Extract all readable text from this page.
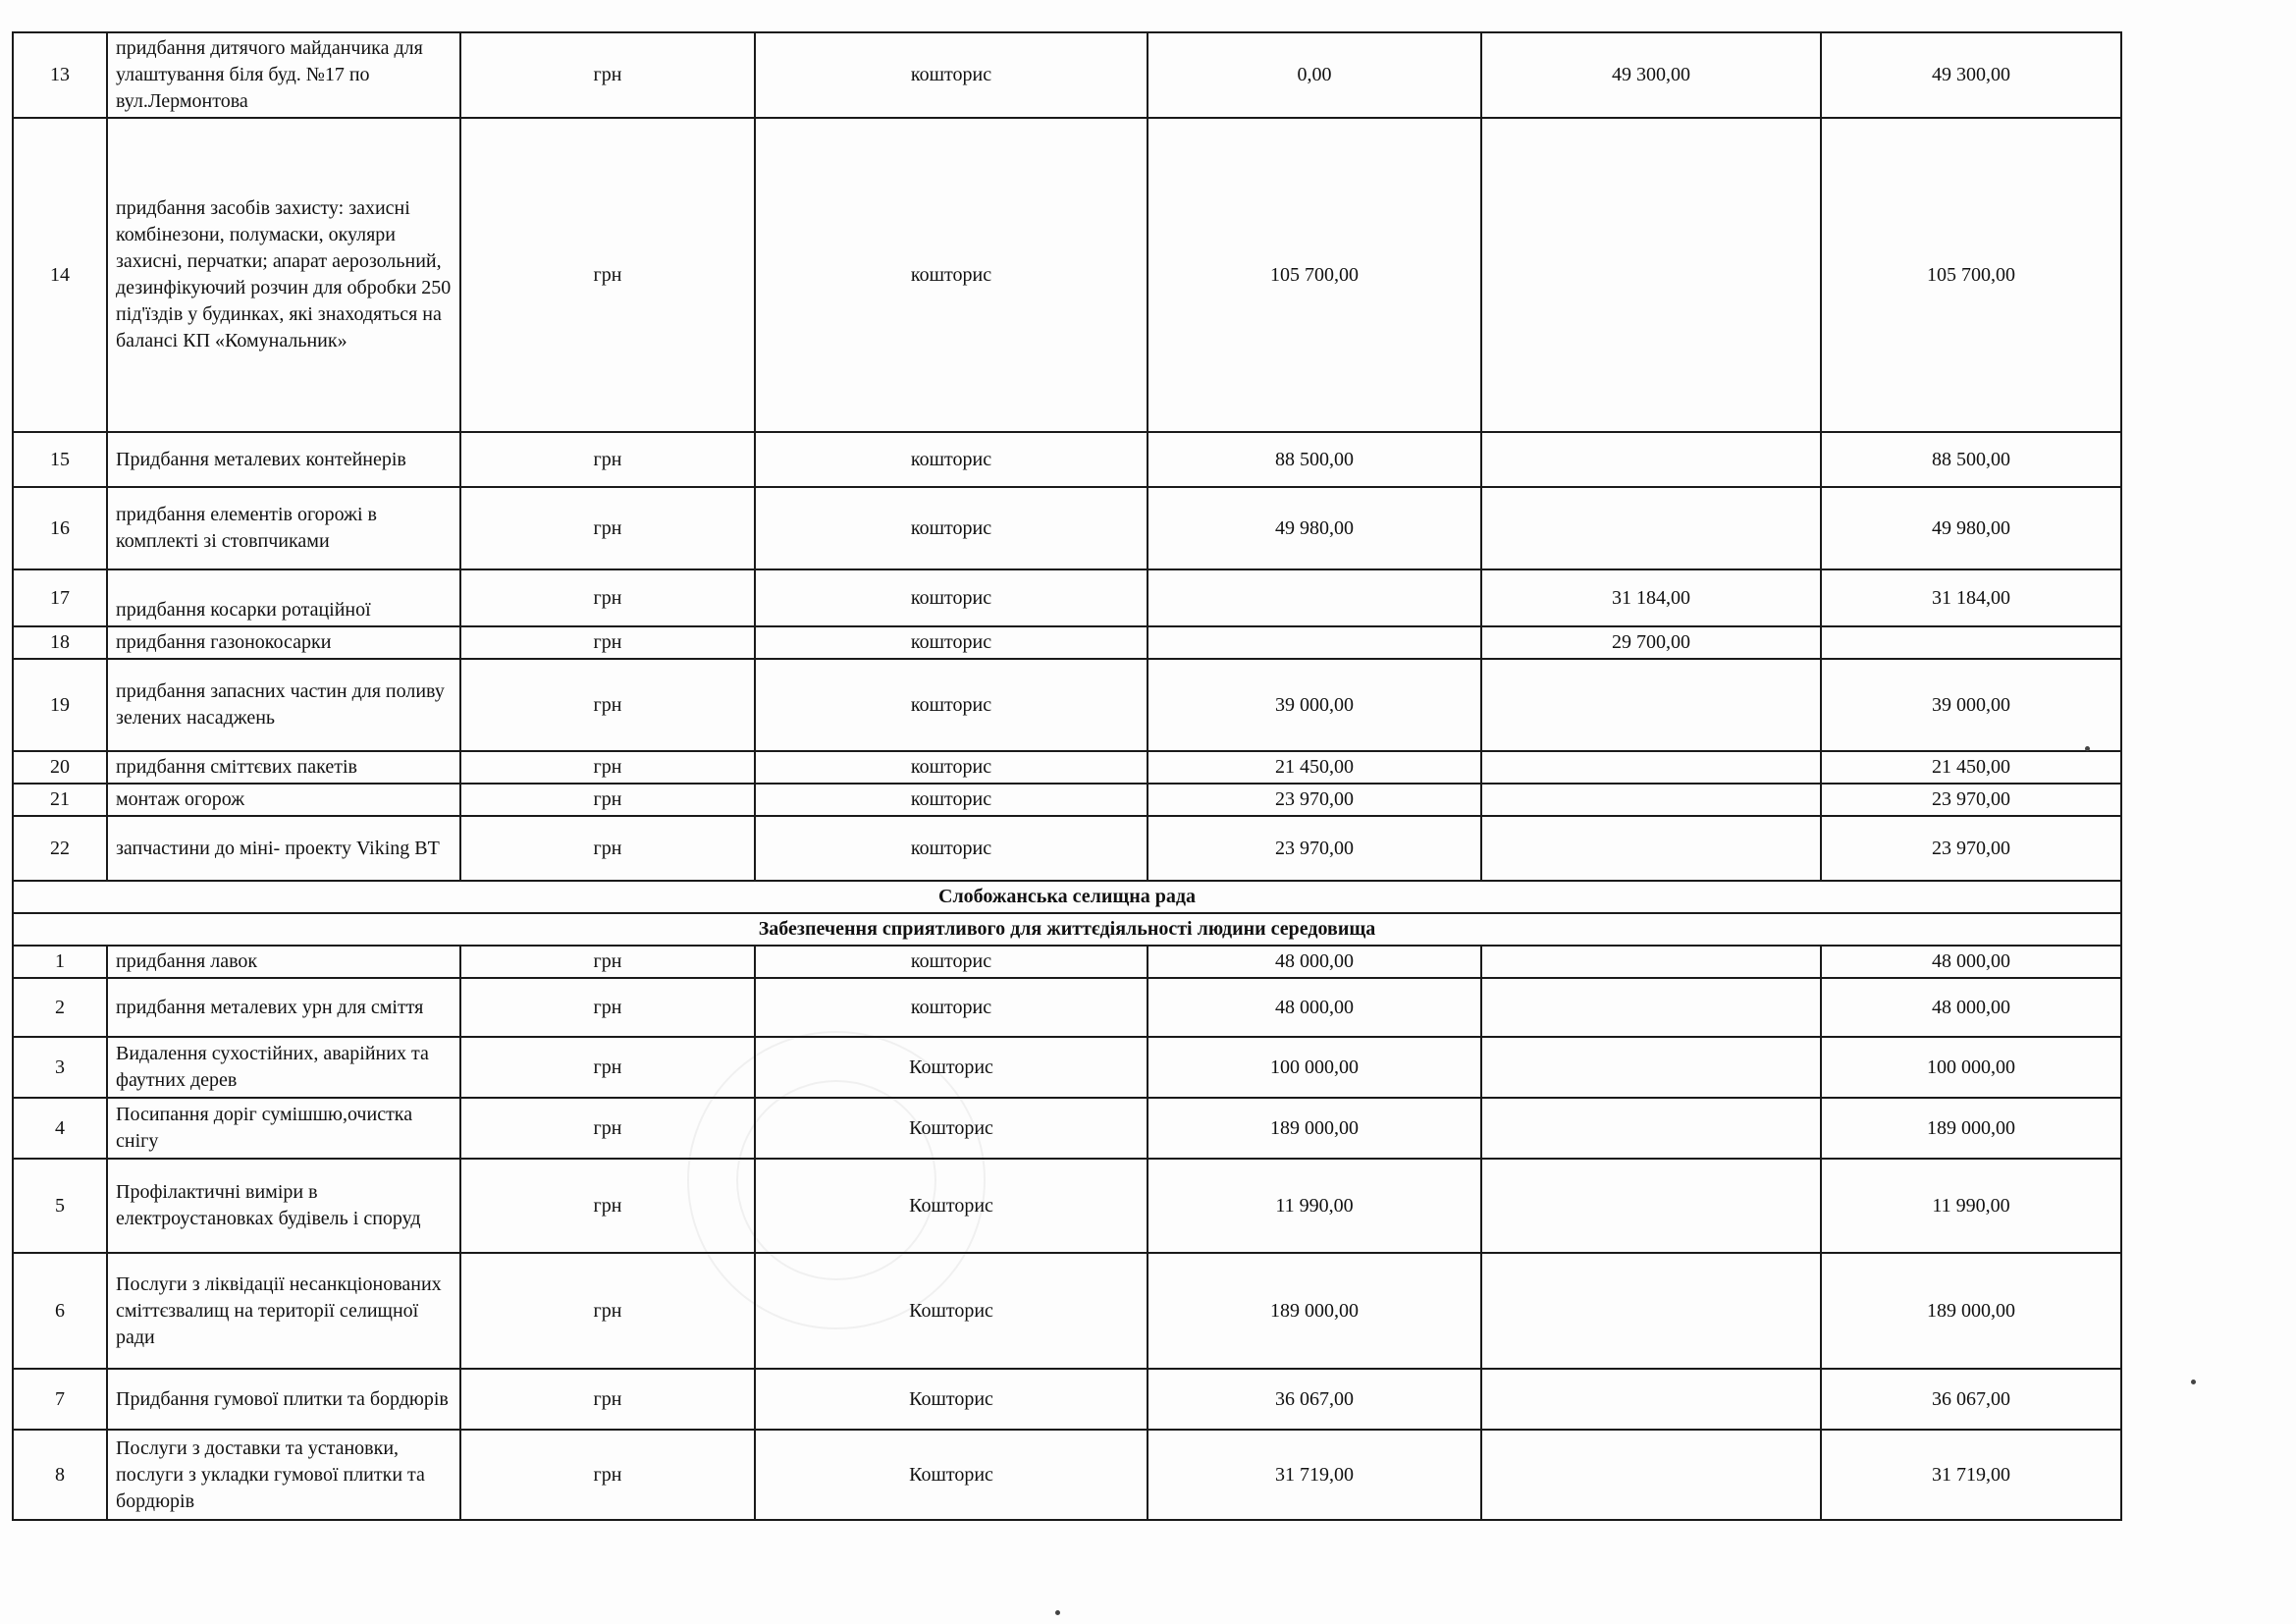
13	придбання дитячого майданчика для улаштування біля буд. №17 по вул.Лермонтова	грн	кошторис	0,00	49 300,00	49 300,00
14	придбання засобів захисту: захисні комбінезони, полумаски, окуляри захисні, перчатки; апарат аерозольний, дезинфікуючий розчин для обробки 250 під'їздів у будинках, які знаходяться на балансі КП «Комунальник»	грн	кошторис	105 700,00		105 700,00
15	Придбання металевих контейнерів	грн	кошторис	88 500,00		88 500,00
16	придбання елементів огорожі в комплекті зі стовпчиками	грн	кошторис	49 980,00		49 980,00
17	придбання косарки ротаційної	грн	кошторис		31 184,00	31 184,00
18	придбання газонокосарки	грн	кошторис		29 700,00	
19	придбання запасних частин для поливу зелених насаджень	грн	кошторис	39 000,00		39 000,00
20	придбання сміттєвих пакетів	грн	кошторис	21 450,00		21 450,00
21	монтаж огорож	грн	кошторис	23 970,00		23 970,00
22	запчастини до міні- проекту Viking BT	грн	кошторис	23 970,00		23 970,00
Слобожанська селищна рада						
Забезпечення сприятливого для життєдіяльності людини середовища						
1	придбання лавок	грн	кошторис	48 000,00		48 000,00
2	придбання металевих урн для сміття	грн	кошторис	48 000,00		48 000,00
3	Видалення сухостійних, аварійних та фаутних дерев	грн	Кошторис	100 000,00		100 000,00
4	Посипання доріг сумішшю,очистка снігу	грн	Кошторис	189 000,00		189 000,00
5	Профілактичні виміри в електроустановках будівель і споруд	грн	Кошторис	11 990,00		11 990,00
6	Послуги з ліквідації несанкціонованих сміттєзвалищ на території селищної ради	грн	Кошторис	189 000,00		189 000,00
7	Придбання гумової плитки та бордюрів	грн	Кошторис	36 067,00		36 067,00
8	Послуги з доставки та установки, послуги з укладки гумової плитки та бордюрів	грн	Кошторис	31 719,00		31 719,00
